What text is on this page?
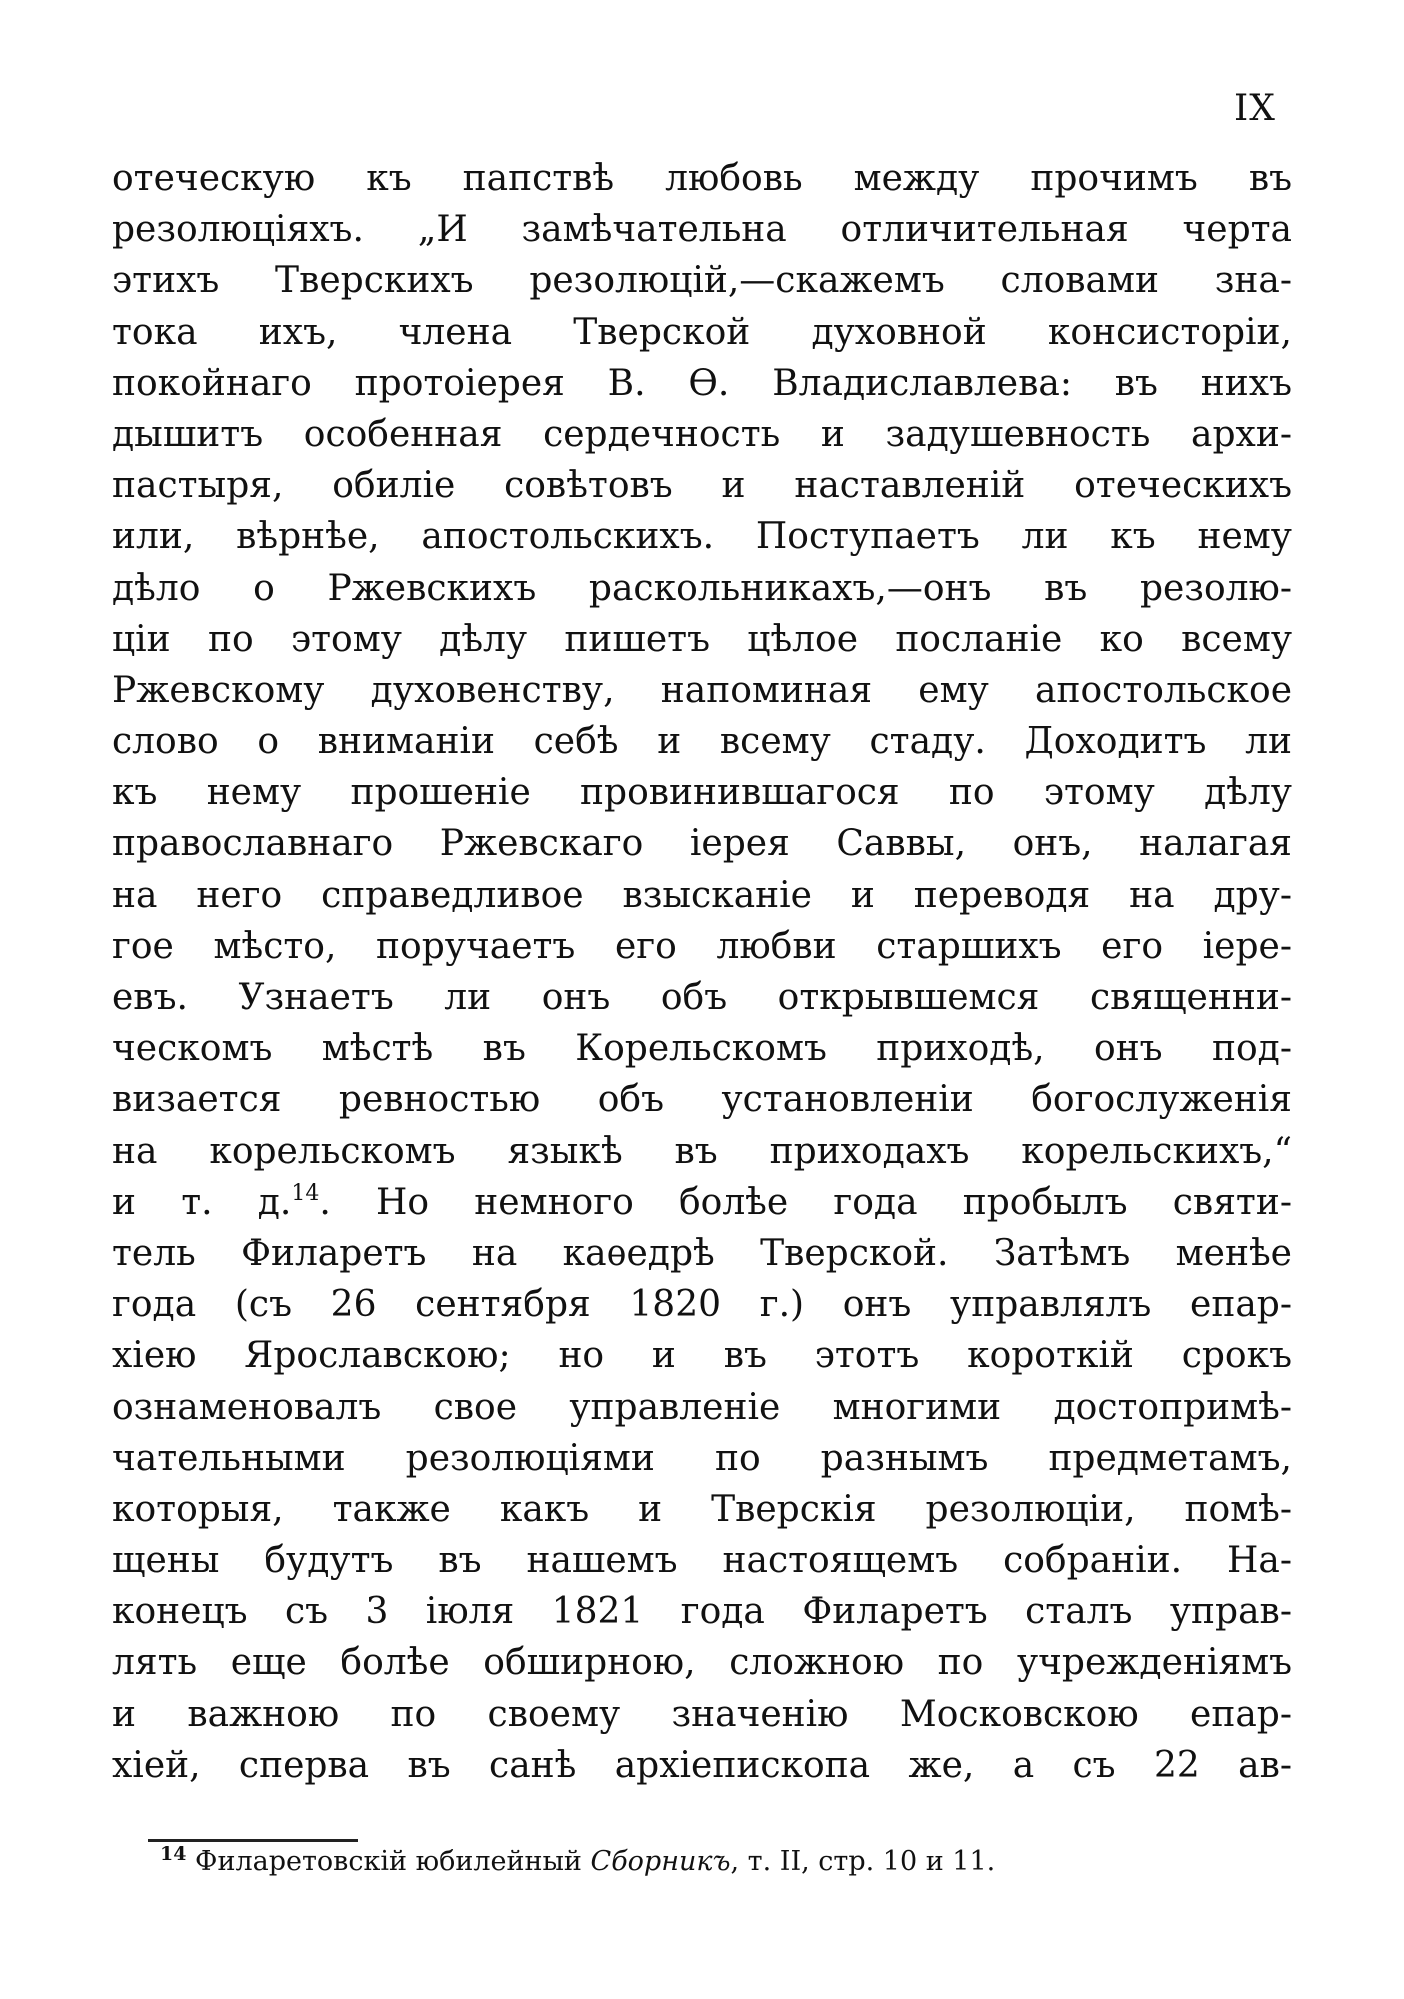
IX
отеческую къ папствѣ любовь между прочимъ въ
резолюціяхъ. „И замѣчательна отличительная черта
этихъ Тверскихъ резолюцій,—скажемъ словами зна-
тока ихъ, члена Тверской духовной консисторіи,
покойнаго протоіерея В. Ѳ. Владиславлева: въ нихъ
дышитъ особенная сердечность и задушевность архи-
пастыря, обиліе совѣтовъ и наставленій отеческихъ
или, вѣрнѣе, апостольскихъ. Поступаетъ ли къ нему
дѣло о Ржевскихъ раскольникахъ,—онъ въ резолю-
ціи по этому дѣлу пишетъ цѣлое посланіе ко всему
Ржевскому духовенству, напоминая ему апостольское
слово о вниманіи себѣ и всему стаду. Доходитъ ли
къ нему прошеніе провинившагося по этому дѣлу
православнаго Ржевскаго іерея Саввы, онъ, налагая
на него справедливое взысканіе и переводя на дру-
гое мѣсто, поручаетъ его любви старшихъ его іере-
евъ. Узнаетъ ли онъ объ открывшемся священни-
ческомъ мѣстѣ въ Корельскомъ приходѣ, онъ под-
визается ревностью объ установленіи богослуженія
на корельскомъ языкѣ въ приходахъ корельскихъ,“
и т. д.$^{14}$. Но немного болѣе года пробылъ святи-
тель Филаретъ на каѳедрѣ Тверской. Затѣмъ менѣе
года (съ 26 сентября 1820 г.) онъ управлялъ епар-
хіею Ярославскою; но и въ этотъ короткій срокъ
ознаменовалъ свое управленіе многими достопримѣ-
чательными резолюціями по разнымъ предметамъ,
которыя, также какъ и Тверскія резолюціи, помѣ-
щены будутъ въ нашемъ настоящемъ собраніи. На-
конецъ съ 3 іюля 1821 года Филаретъ сталъ управ-
лять еще болѣе обширною, сложною по учрежденіямъ
и важною по своему значенію Московскою епар-
хіей, сперва въ санѣ архіепископа же, а съ 22 ав-
$^{14}$ Филаретовскій юбилейный Сборникъ, т. II, стр. 10 и 11.
